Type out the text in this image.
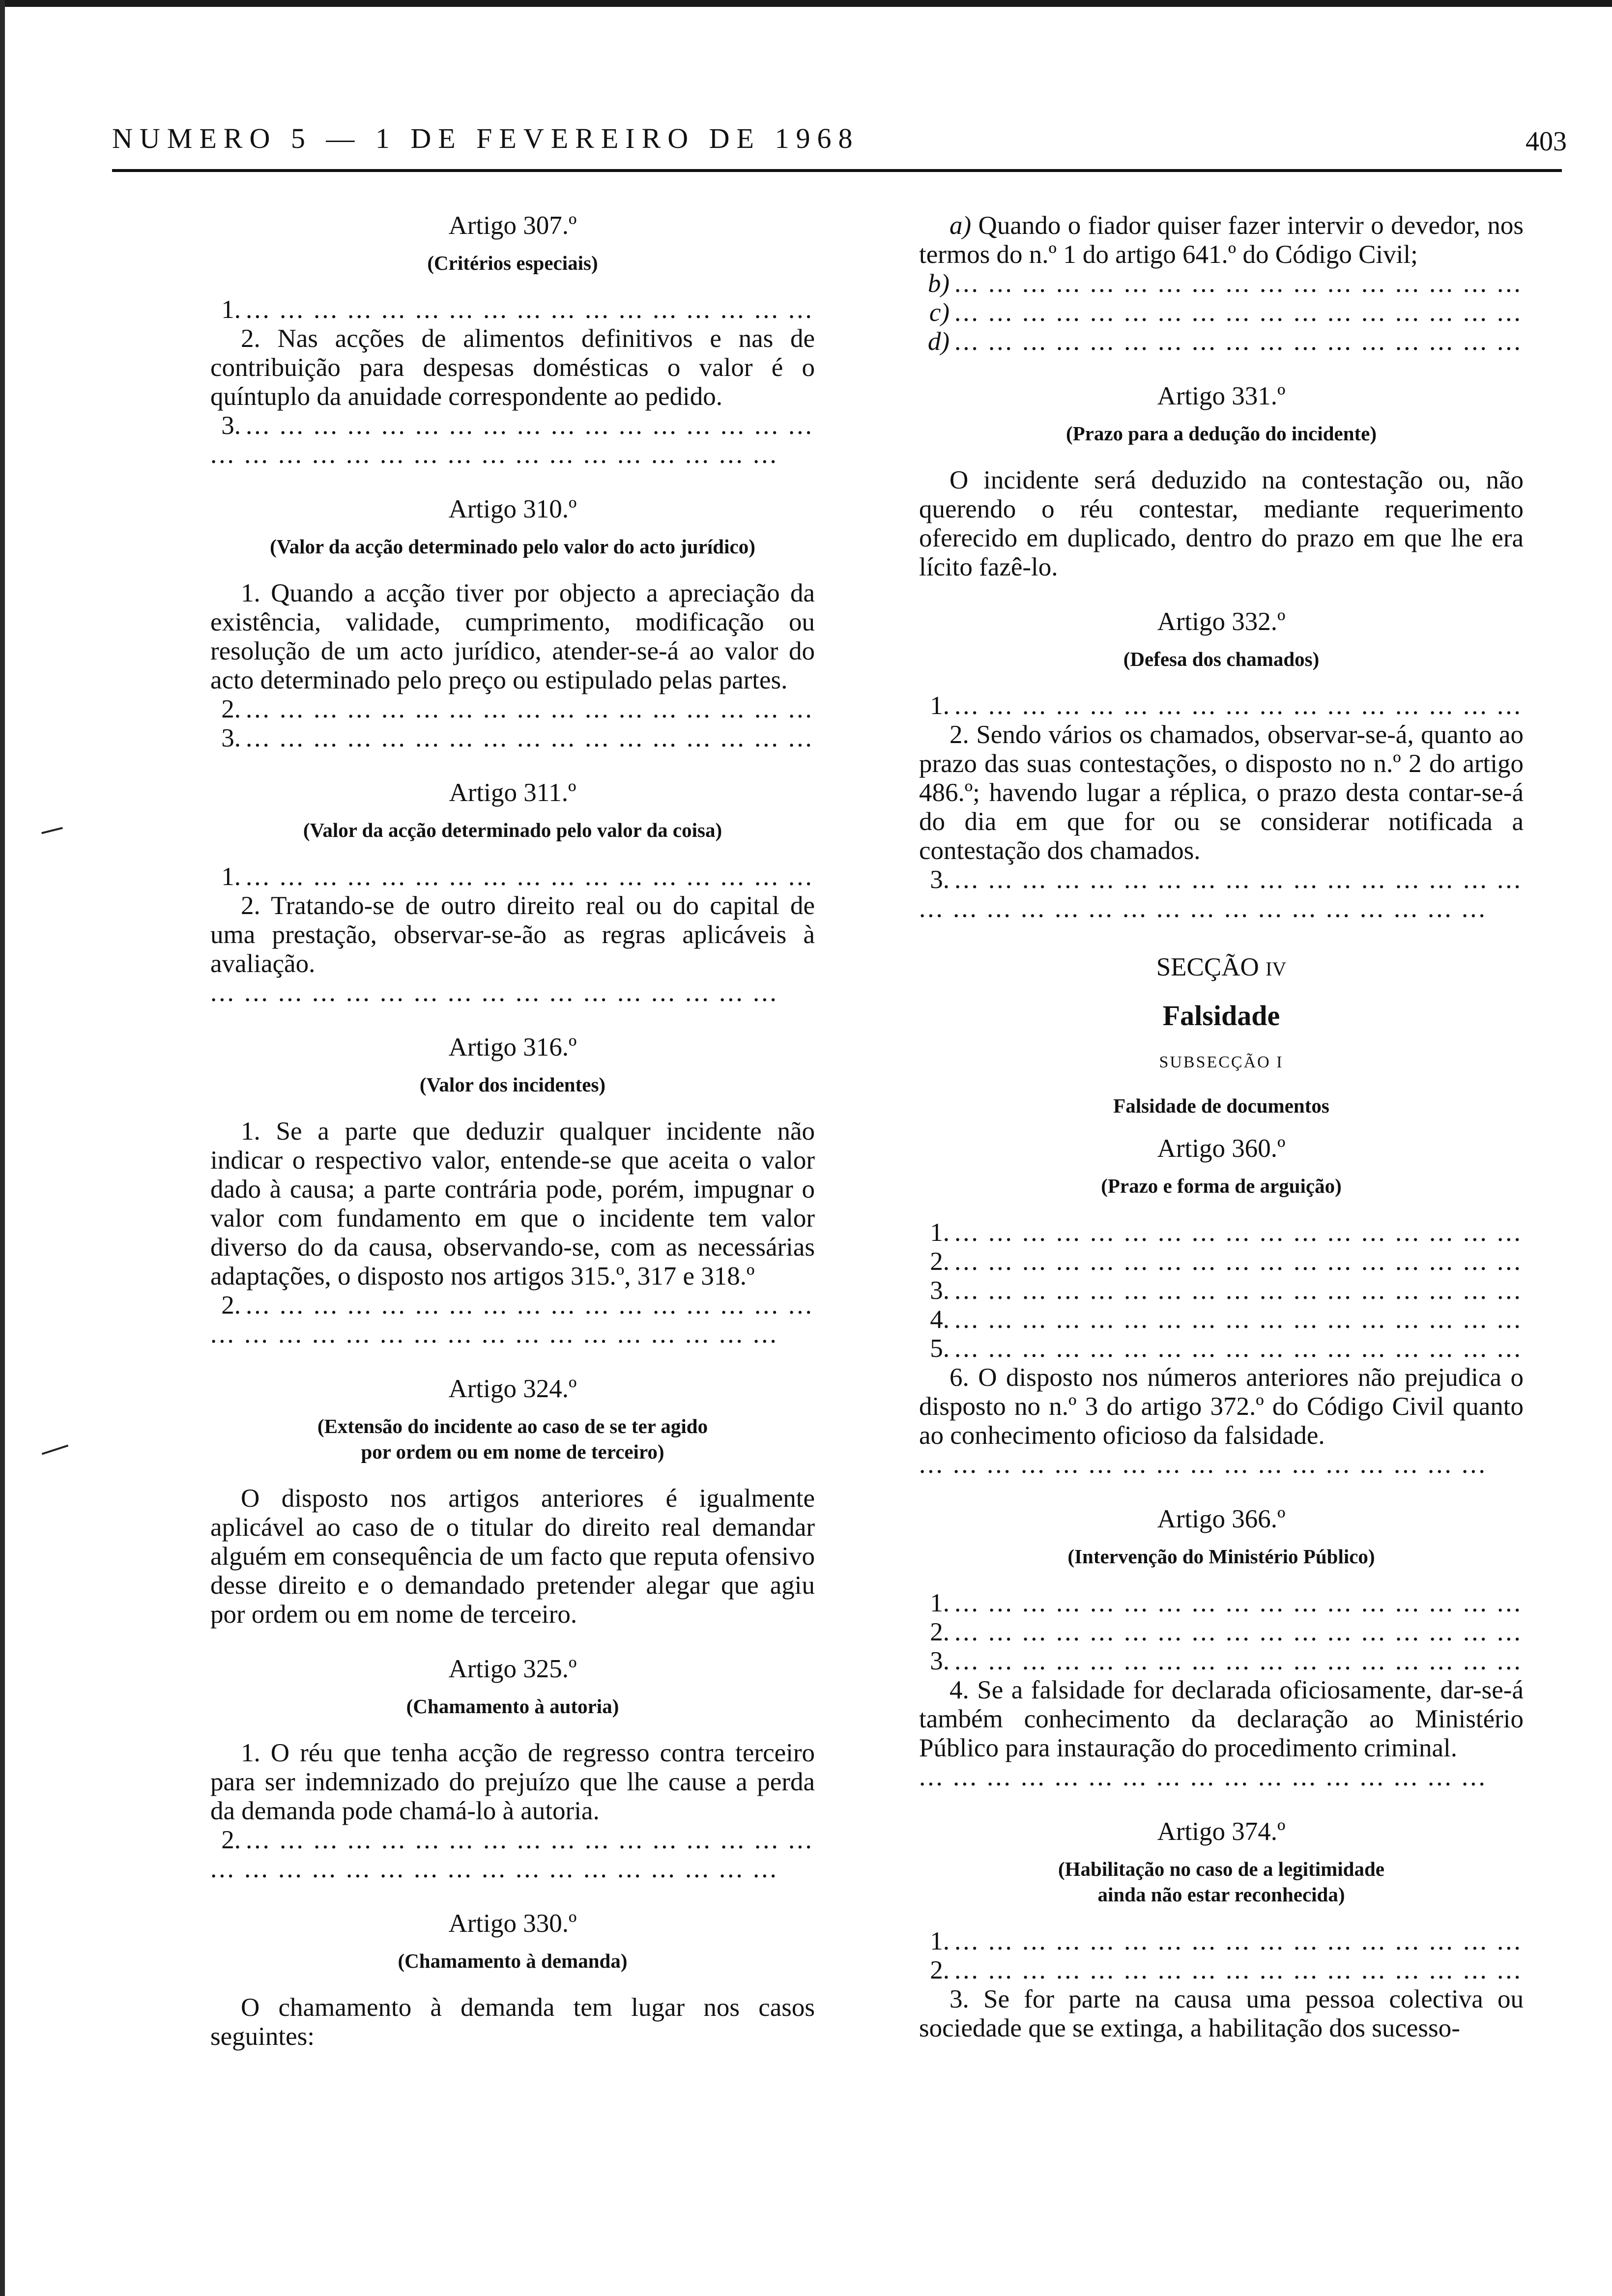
NUMERO 5 — 1 DE FEVEREIRO DE 1968	403
Artigo 307.º
(Critérios especiais)
1. ... ... ... ... ... ... ... ... ... ... ... ... ... ... ... ... ...

2. Nas acções de alimentos definitivos e nas de contribuição para despesas domésticas o valor é o quíntuplo da anuidade correspondente ao pedido.

3. ... ... ... ... ... ... ... ... ... ... ... ... ... ... ... ... ...
... ... ... ... ... ... ... ... ... ... ... ... ... ... ... ... ...
Artigo 310.º
(Valor da acção determinado pelo valor do acto jurídico)

1. Quando a acção tiver por objecto a apreciação da existência, validade, cumprimento, modificação ou resolução de um acto jurídico, atender-se-á ao valor do acto determinado pelo preço ou estipulado pelas partes.

2. ... ... ... ... ... ... ... ... ... ... ... ... ... ... ... ... ...
3. ... ... ... ... ... ... ... ... ... ... ... ... ... ... ... ... ...
Artigo 311.º
(Valor da acção determinado pelo valor da coisa)
1. ... ... ... ... ... ... ... ... ... ... ... ... ... ... ... ... ...

2. Tratando-se de outro direito real ou do capital de uma prestação, observar-se-ão as regras aplicáveis à avaliação.

... ... ... ... ... ... ... ... ... ... ... ... ... ... ... ... ...
Artigo 316.º
(Valor dos incidentes)

1. Se a parte que deduzir qualquer incidente não indicar o respectivo valor, entende-se que aceita o valor dado à causa; a parte contrária pode, porém, impugnar o valor com fundamento em que o incidente tem valor diverso do da causa, observando-se, com as necessárias adaptações, o disposto nos artigos 315.º, 317 e 318.º

2. ... ... ... ... ... ... ... ... ... ... ... ... ... ... ... ... ...
... ... ... ... ... ... ... ... ... ... ... ... ... ... ... ... ...
Artigo 324.º
(Extensão do incidente ao caso de se ter agido
por ordem ou em nome de terceiro)

O disposto nos artigos anteriores é igualmente aplicável ao caso de o titular do direito real demandar alguém em consequência de um facto que reputa ofensivo desse direito e o demandado pretender alegar que agiu por ordem ou em nome de terceiro.

Artigo 325.º
(Chamamento à autoria)

1. O réu que tenha acção de regresso contra terceiro para ser indemnizado do prejuízo que lhe cause a perda da demanda pode chamá-lo à autoria.

2. ... ... ... ... ... ... ... ... ... ... ... ... ... ... ... ... ...
... ... ... ... ... ... ... ... ... ... ... ... ... ... ... ... ...
Artigo 330.º
(Chamamento à demanda)

O chamamento à demanda tem lugar nos casos seguintes:

a) Quando o fiador quiser fazer intervir o devedor, nos termos do n.º 1 do artigo 641.º do Código Civil;

b) ... ... ... ... ... ... ... ... ... ... ... ... ... ... ... ... ...
c) ... ... ... ... ... ... ... ... ... ... ... ... ... ... ... ... ...
d) ... ... ... ... ... ... ... ... ... ... ... ... ... ... ... ... ...
Artigo 331.º
(Prazo para a dedução do incidente)

O incidente será deduzido na contestação ou, não querendo o réu contestar, mediante requerimento oferecido em duplicado, dentro do prazo em que lhe era lícito fazê-lo.

Artigo 332.º
(Defesa dos chamados)
1. ... ... ... ... ... ... ... ... ... ... ... ... ... ... ... ... ...

2. Sendo vários os chamados, observar-se-á, quanto ao prazo das suas contestações, o disposto no n.º 2 do artigo 486.º; havendo lugar a réplica, o prazo desta contar-se-á do dia em que for ou se considerar notificada a contestação dos chamados.

3. ... ... ... ... ... ... ... ... ... ... ... ... ... ... ... ... ...
... ... ... ... ... ... ... ... ... ... ... ... ... ... ... ... ...
SECÇÃO IV
Falsidade
SUBSECÇÃO I
Falsidade de documentos
Artigo 360.º
(Prazo e forma de arguição)
1. ... ... ... ... ... ... ... ... ... ... ... ... ... ... ... ... ...
2. ... ... ... ... ... ... ... ... ... ... ... ... ... ... ... ... ...
3. ... ... ... ... ... ... ... ... ... ... ... ... ... ... ... ... ...
4. ... ... ... ... ... ... ... ... ... ... ... ... ... ... ... ... ...
5. ... ... ... ... ... ... ... ... ... ... ... ... ... ... ... ... ...

6. O disposto nos números anteriores não prejudica o disposto no n.º 3 do artigo 372.º do Código Civil quanto ao conhecimento oficioso da falsidade.

... ... ... ... ... ... ... ... ... ... ... ... ... ... ... ... ...
Artigo 366.º
(Intervenção do Ministério Público)
1. ... ... ... ... ... ... ... ... ... ... ... ... ... ... ... ... ...
2. ... ... ... ... ... ... ... ... ... ... ... ... ... ... ... ... ...
3. ... ... ... ... ... ... ... ... ... ... ... ... ... ... ... ... ...

4. Se a falsidade for declarada oficiosamente, dar-se-á também conhecimento da declaração ao Ministério Público para instauração do procedimento criminal.

... ... ... ... ... ... ... ... ... ... ... ... ... ... ... ... ...
Artigo 374.º
(Habilitação no caso de a legitimidade
ainda não estar reconhecida)
1. ... ... ... ... ... ... ... ... ... ... ... ... ... ... ... ... ...
2. ... ... ... ... ... ... ... ... ... ... ... ... ... ... ... ... ...

3. Se for parte na causa uma pessoa colectiva ou sociedade que se extinga, a habilitação dos sucesso-
